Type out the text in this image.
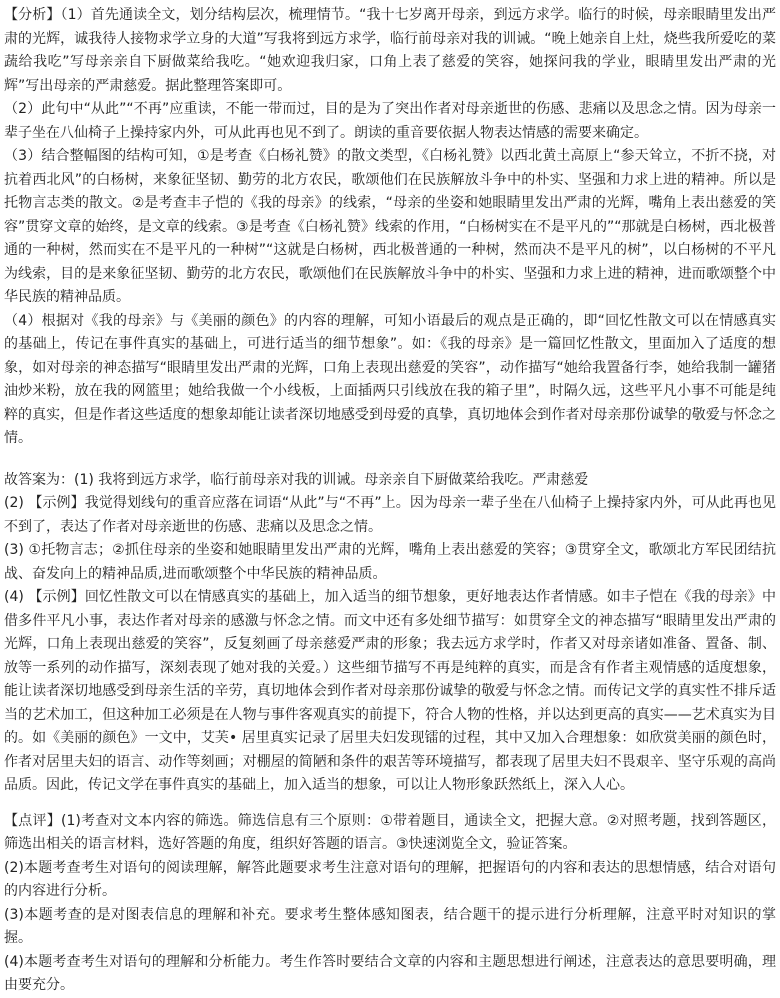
【分析】（1）首先通读全文，划分结构层次，梳理情节。“我十七岁离开母亲，到远方求学。临行的时候，母亲眼睛里发出严肃的光辉，诚我待人接物求学立身的大道”写我将到远方求学，临行前母亲对我的训诫。“晚上她亲自上灶，烧些我所爱吃的菜蔬给我吃”写母亲亲自下厨做菜给我吃。“她欢迎我归家，口角上表了慈爱的笑容，她探问我的学业，眼睛里发出严肃的光辉”写出母亲的严肃慈爱。据此整理答案即可。

（2）此句中“从此”“不再”应重读，不能一带而过，目的是为了突出作者对母亲逝世的伤感、悲痛以及思念之情。因为母亲一辈子坐在八仙椅子上操持家内外，可从此再也见不到了。朗读的重音要依据人物表达情感的需要来确定。

（3）结合整幅图的结构可知，①是考查《白杨礼赞》的散文类型，《白杨礼赞》以西北黄土高原上“参天耸立，不折不挠，对抗着西北风”的白杨树，来象征坚韧、勤劳的北方农民，歌颂他们在民族解放斗争中的朴实、坚强和力求上进的精神。所以是托物言志类的散文。②是考查丰子恺的《我的母亲》的线索，“母亲的坐姿和她眼睛里发出严肃的光辉，嘴角上表出慈爱的笑容”贯穿文章的始终，是文章的线索。③是考查《白杨礼赞》线索的作用，“白杨树实在不是平凡的”“那就是白杨树，西北极普通的一种树，然而实在不是平凡的一种树”“这就是白杨树，西北极普通的一种树，然而决不是平凡的树”，以白杨树的不平凡为线索，目的是来象征坚韧、勤劳的北方农民，歌颂他们在民族解放斗争中的朴实、坚强和力求上进的精神，进而歌颂整个中华民族的精神品质。

（4）根据对《我的母亲》与《美丽的颜色》的内容的理解，可知小语最后的观点是正确的，即“回忆性散文可以在情感真实的基础上，传记在事件真实的基础上，可进行适当的细节想象”。如：《我的母亲》是一篇回忆性散文，里面加入了适度的想象，如对母亲的神态描写“眼睛里发出严肃的光辉，口角上表现出慈爱的笑容”，动作描写“她给我置备行李，她给我制一罐猪油炒米粉，放在我的网篮里；她给我做一个小线板，上面插两只引线放在我的箱子里”，时隔久远，这些平凡小事不可能是纯粹的真实，但是作者这些适度的想象却能让读者深切地感受到母爱的真挚，真切地体会到作者对母亲那份诚挚的敬爱与怀念之情。

故答案为：(1) 我将到远方求学，临行前母亲对我的训诫。母亲亲自下厨做菜给我吃。严肃慈爱

(2) 【示例】我觉得划线句的重音应落在词语“从此”与“不再”上。因为母亲一辈子坐在八仙椅子上操持家内外，可从此再也见不到了，表达了作者对母亲逝世的伤感、悲痛以及思念之情。

(3) ①托物言志；②抓住母亲的坐姿和她眼睛里发出严肃的光辉，嘴角上表出慈爱的笑容；③贯穿全文，歌颂北方军民团结抗战、奋发向上的精神品质,进而歌颂整个中华民族的精神品质。

(4) 【示例】回忆性散文可以在情感真实的基础上，加入适当的细节想象，更好地表达作者情感。如丰子恺在《我的母亲》中借多件平凡小事，表达作者对母亲的感激与怀念之情。而文中还有多处细节描写：如贯穿全文的神态描写“眼睛里发出严肃的光辉，口角上表现出慈爱的笑容”，反复刻画了母亲慈爱严肃的形象；我去远方求学时，作者又对母亲诸如准备、置备、制、放等一系列的动作描写，深刻表现了她对我的关爱。）这些细节描写不再是纯粹的真实，而是含有作者主观情感的适度想象，能让读者深切地感受到母亲生活的辛劳，真切地体会到作者对母亲那份诚挚的敬爱与怀念之情。而传记文学的真实性不排斥适当的艺术加工，但这种加工必须是在人物与事件客观真实的前提下，符合人物的性格，并以达到更高的真实——艺术真实为目的。如《美丽的颜色》一文中，艾芙• 居里真实记录了居里夫妇发现镭的过程，其中又加入合理想象：如欣赏美丽的颜色时，作者对居里夫妇的语言、动作等刻画；对棚屋的简陋和条件的艰苦等环境描写，都表现了居里夫妇不畏艰辛、坚守乐观的高尚品质。因此，传记文学在事件真实的基础上，加入适当的想象，可以让人物形象跃然纸上，深入人心。

【点评】(1)考查对文本内容的筛选。筛选信息有三个原则：①带着题目，通读全文，把握大意。②对照考题，找到答题区，筛选出相关的语言材料，选好答题的角度，组织好答题的语言。③快速浏览全文，验证答案。

(2)本题考查考生对语句的阅读理解，解答此题要求考生注意对语句的理解，把握语句的内容和表达的思想情感，结合对语句的内容进行分析。

(3)本题考查的是对图表信息的理解和补充。要求考生整体感知图表，结合题干的提示进行分析理解，注意平时对知识的掌握。

(4)本题考查考生对语句的理解和分析能力。考生作答时要结合文章的内容和主题思想进行阐述，注意表达的意思要明确，理由要充分。
